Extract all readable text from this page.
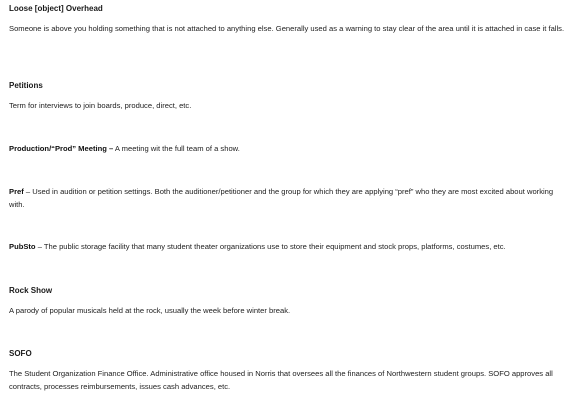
Loose [object] Overhead

Someone is above you holding something that is not attached to anything else. Generally used as a warning to stay clear of the area until it is attached in case it falls.

Petitions

Term for interviews to join boards, produce, direct, etc.

Production/“Prod” Meeting – A meeting wit the full team of a show.

Pref – Used in audition or petition settings. Both the auditioner/petitioner and the group for which they are applying “pref” who they are most excited about working with.

PubSto – The public storage facility that many student theater organizations use to store their equipment and stock props, platforms, costumes, etc.

Rock Show

A parody of popular musicals held at the rock, usually the week before winter break.

SOFO

The Student Organization Finance Office. Administrative office housed in Norris that oversees all the finances of Northwestern student groups. SOFO approves all contracts, processes reimbursements, issues cash advances, etc.
